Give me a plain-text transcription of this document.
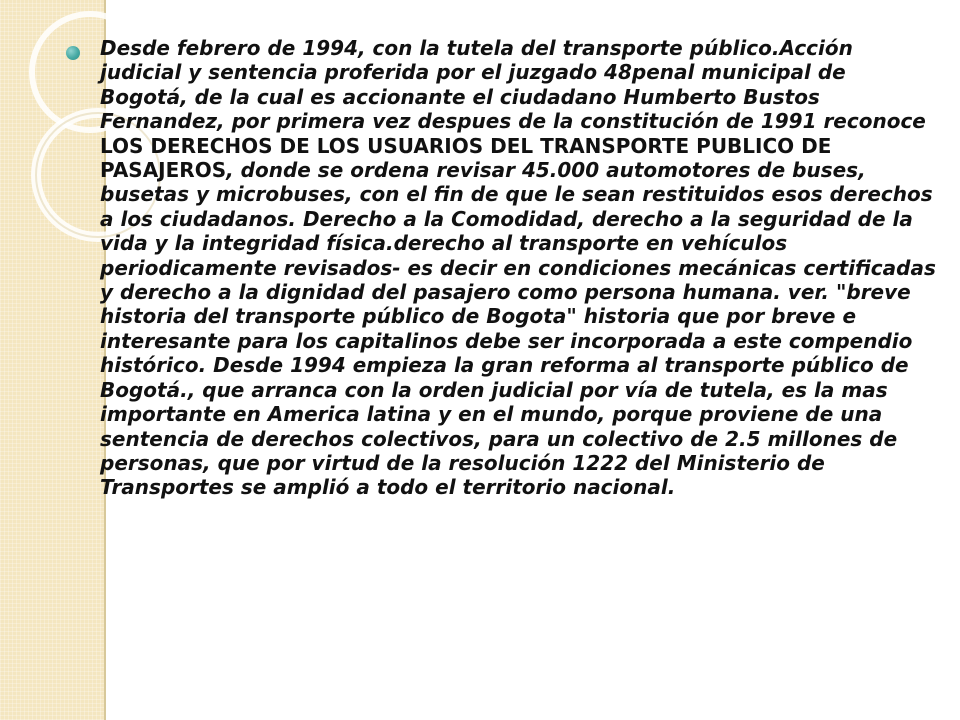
Desde febrero de 1994, con la tutela del transporte público.Acción judicial y sentencia proferida por el juzgado 48penal municipal de Bogotá, de la cual es accionante el ciudadano Humberto Bustos Fernandez, por primera vez despues de la constitución de 1991 reconoce LOS DERECHOS DE LOS USUARIOS DEL TRANSPORTE PUBLICO DE PASAJEROS, donde se ordena revisar 45.000 automotores de buses, busetas y microbuses, con el fin de que le sean restituidos esos derechos a los ciudadanos. Derecho a la Comodidad, derecho a la seguridad de la vida y la integridad física.derecho al transporte en vehículos periodicamente revisados- es decir en condiciones mecánicas certificadas y derecho a la dignidad del pasajero como persona humana. ver. "breve historia del transporte público de Bogota" historia que por breve e interesante para los capitalinos debe ser incorporada a este compendio histórico. Desde 1994 empieza la gran reforma al transporte público de Bogotá., que arranca con la orden judicial por vía de tutela, es la mas importante en America latina y en el mundo, porque proviene de una sentencia de derechos colectivos, para un colectivo de 2.5 millones de personas, que por virtud de la resolución 1222 del Ministerio de Transportes se amplió a todo el territorio nacional.
